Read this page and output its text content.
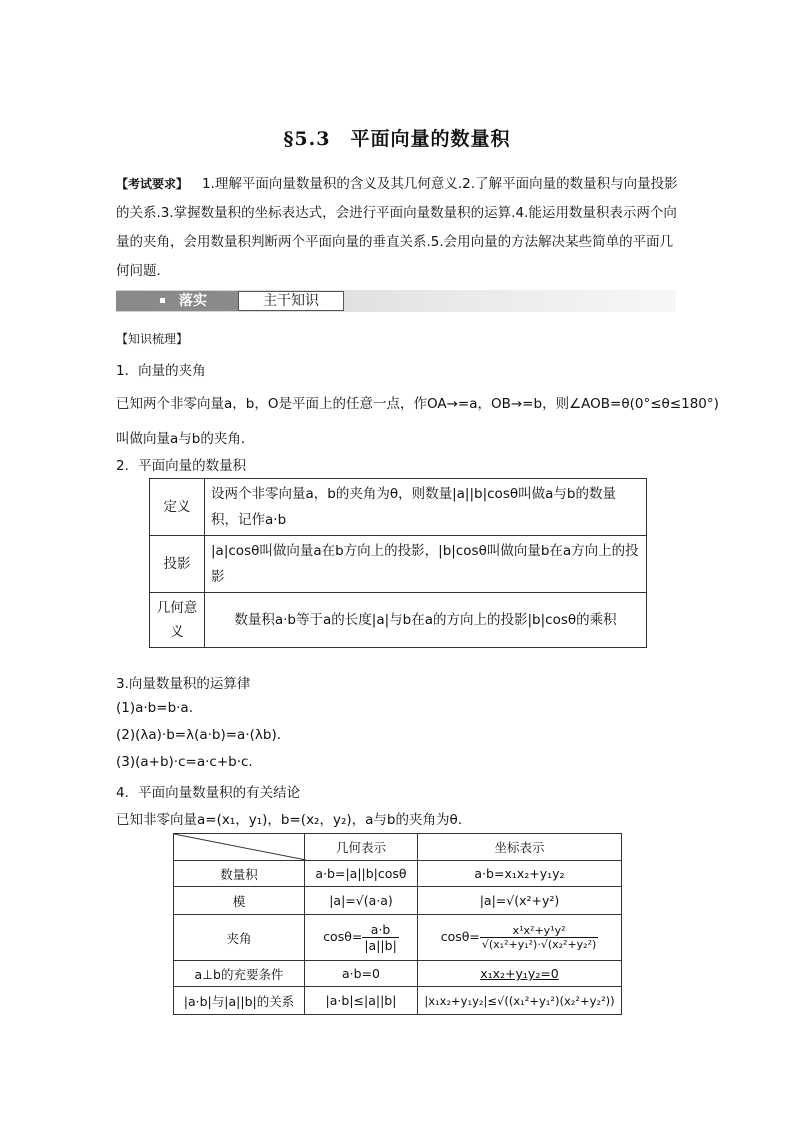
§5.3　平面向量的数量积
【考试要求】 1.理解平面向量数量积的含义及其几何意义.2.了解平面向量的数量积与向量投影的关系.3.掌握数量积的坐标表达式，会进行平面向量数量积的运算.4.能运用数量积表示两个向量的夹角，会用数量积判断两个平面向量的垂直关系.5.会用向量的方法解决某些简单的平面几何问题．
落实	主干知识
【知识梳理】
1．向量的夹角
已知两个非零向量a，b，O是平面上的任意一点，作OA→=a，OB→=b，则∠AOB=θ(0°≤θ≤180°)
叫做向量a与b的夹角．
2．平面向量的数量积
定义	设两个非零向量a，b的夹角为θ，则数量|a||b|cosθ叫做a与b的数量积，记作a·b
投影	|a|cosθ叫做向量a在b方向上的投影，|b|cosθ叫做向量b在a方向上的投影
几何意义	数量积a·b等于a的长度|a|与b在a的方向上的投影|b|cosθ的乘积
3.向量数量积的运算律
(1)a·b=b·a.
(2)(λa)·b=λ(a·b)=a·(λb).
(3)(a+b)·c=a·c+b·c.
4．平面向量数量积的有关结论
已知非零向量a=(x₁，y₁)，b=(x₂，y₂)，a与b的夹角为θ.
	几何表示	坐标表示
数量积	a·b=|a||b|cosθ	a·b=x₁x₂+y₁y₂
模	|a|=√(a·a)	|a|=√(x²+y²)
夹角	$\cos\theta= \frac{a\cdot b}{|a||b|}$	$\cos\theta= \frac{\text{x¹x²+y¹y²}}{\text{√(x₁²+y₁²)·√(x₂²+y₂²)}}$

a⊥b的充要条件	a·b=0	x₁x₂+y₁y₂=0
|a·b|与|a||b|的关系	|a·b|≤|a||b|	|x₁x₂+y₁y₂|≤√((x₁²+y₁²)(x₂²+y₂²))
